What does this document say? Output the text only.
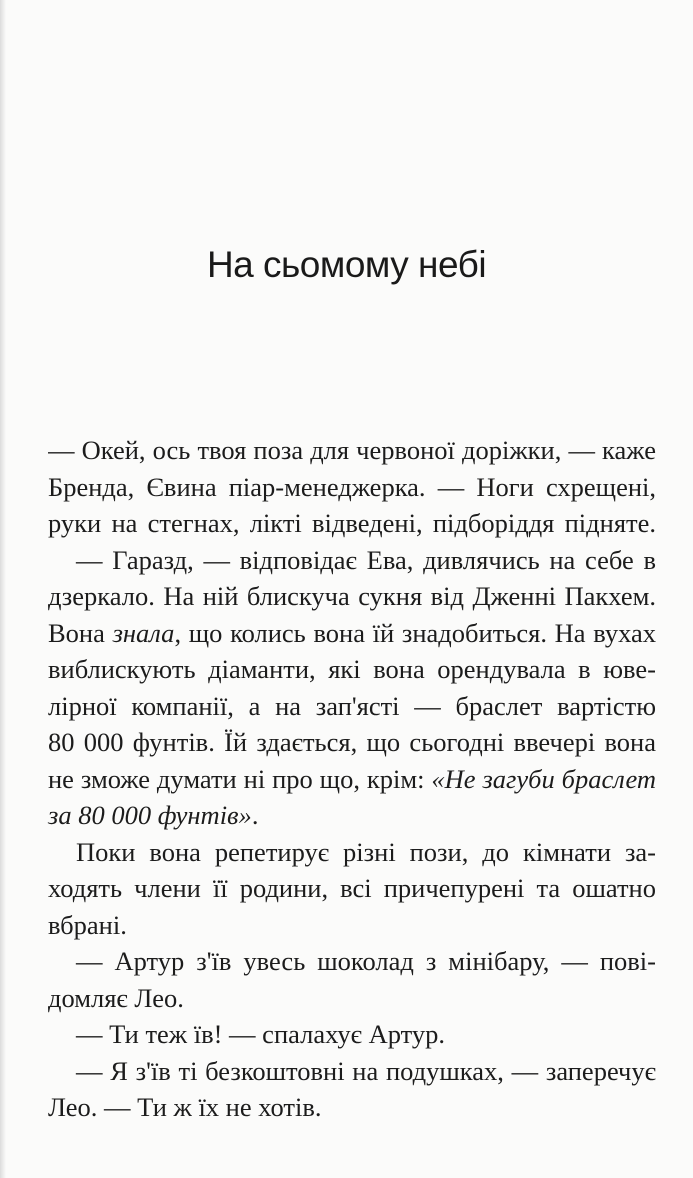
На сьомому небі
— Окей, ось твоя поза для червоної доріжки, — каже
Бренда, Євина піар-менеджерка. — Ноги схрещені,
руки на стегнах, лікті відведені, підборіддя підняте.
— Гаразд, — відповідає Ева, дивлячись на себе в
дзеркало. На ній блискуча сукня від Дженні Пакхем.
Вона знала, що колись вона їй знадобиться. На вухах
виблискують діаманти, які вона орендувала в юве-
лірної компанії, а на зап'ясті — браслет вартістю
80 000 фунтів. Їй здається, що сьогодні ввечері вона
не зможе думати ні про що, крім: «Не загуби браслет
за 80 000 фунтів».
Поки вона репетирує різні пози, до кімнати за-
ходять члени її родини, всі причепурені та ошатно
вбрані.
— Артур з'їв увесь шоколад з мінібару, — пові-
домляє Лео.
— Ти теж їв! — спалахує Артур.
— Я з'їв ті безкоштовні на подушках, — заперечує
Лео. — Ти ж їх не хотів.
